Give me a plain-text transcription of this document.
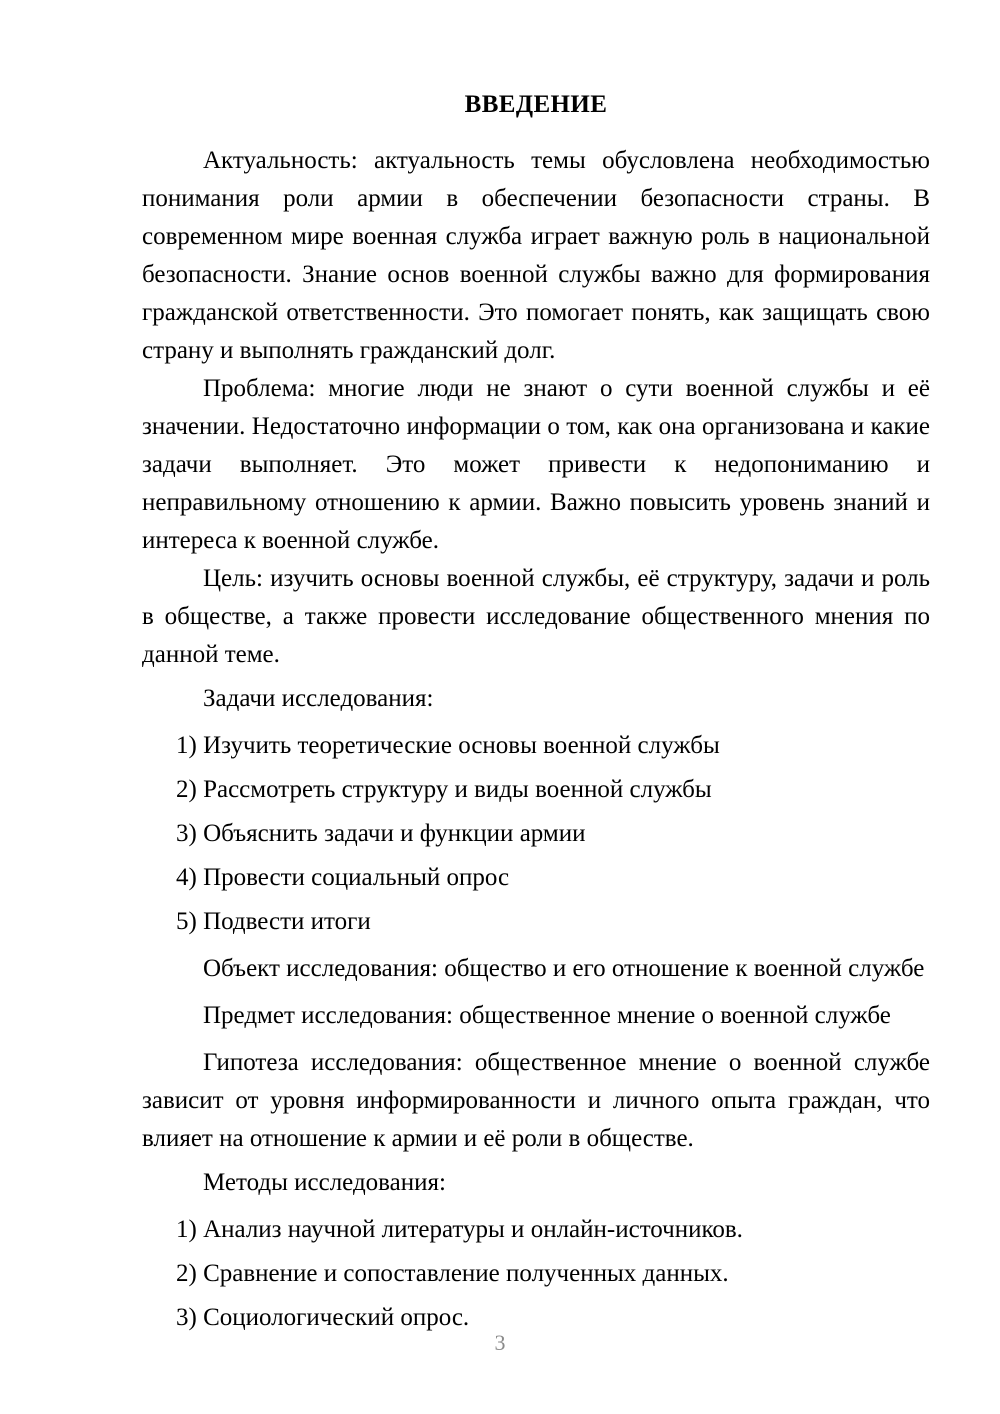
ВВЕДЕНИЕ

Актуальность: актуальность темы обусловлена необходимостью понимания роли армии в обеспечении безопасности страны. В современном мире военная служба играет важную роль в национальной безопасности. Знание основ военной службы важно для формирования гражданской ответственности. Это помогает понять, как защищать свою страну и выполнять гражданский долг.

Проблема: многие люди не знают о сути военной службы и её значении. Недостаточно информации о том, как она организована и какие задачи выполняет. Это может привести к недопониманию и неправильному отношению к армии. Важно повысить уровень знаний и интереса к военной службе.

Цель: изучить основы военной службы, её структуру, задачи и роль в обществе, а также провести исследование общественного мнения по данной теме.

Задачи исследования:

1) Изучить теоретические основы военной службы
2) Рассмотреть структуру и виды военной службы
3) Объяснить задачи и функции армии
4) Провести социальный опрос
5) Подвести итоги

Объект исследования: общество и его отношение к военной службе

Предмет исследования: общественное мнение о военной службе

Гипотеза исследования: общественное мнение о военной службе зависит от уровня информированности и личного опыта граждан, что влияет на отношение к армии и её роли в обществе.

Методы исследования:

1) Анализ научной литературы и онлайн-источников.
2) Сравнение и сопоставление полученных данных.
3) Социологический опрос.
3
